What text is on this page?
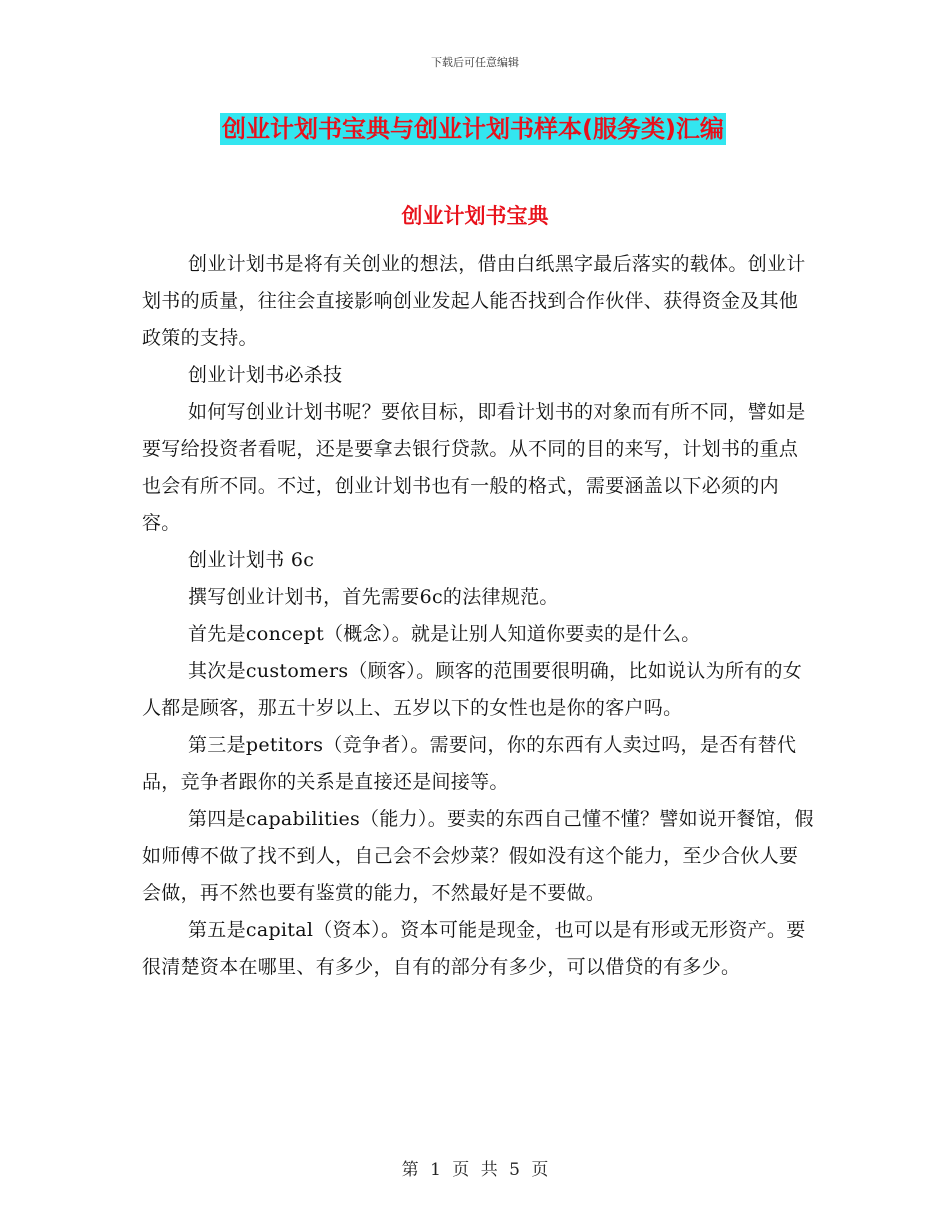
下载后可任意编辑
创业计划书宝典与创业计划书样本(服务类)汇编
创业计划书宝典

创业计划书是将有关创业的想法，借由白纸黑字最后落实的载体。创业计划书的质量，往往会直接影响创业发起人能否找到合作伙伴、获得资金及其他政策的支持。

创业计划书必杀技

如何写创业计划书呢？要依目标，即看计划书的对象而有所不同，譬如是要写给投资者看呢，还是要拿去银行贷款。从不同的目的来写，计划书的重点也会有所不同。不过，创业计划书也有一般的格式，需要涵盖以下必须的内容。

创业计划书 6c

撰写创业计划书，首先需要6c的法律规范。

首先是concept（概念）。就是让别人知道你要卖的是什么。

其次是customers（顾客）。顾客的范围要很明确，比如说认为所有的女人都是顾客，那五十岁以上、五岁以下的女性也是你的客户吗。

第三是petitors（竞争者）。需要问，你的东西有人卖过吗，是否有替代品，竞争者跟你的关系是直接还是间接等。

第四是capabilities（能力）。要卖的东西自己懂不懂？譬如说开餐馆，假如师傅不做了找不到人，自己会不会炒菜？假如没有这个能力，至少合伙人要会做，再不然也要有鉴赏的能力，不然最好是不要做。

第五是capital（资本）。资本可能是现金，也可以是有形或无形资产。要很清楚资本在哪里、有多少，自有的部分有多少，可以借贷的有多少。

第 1 页 共 5 页
